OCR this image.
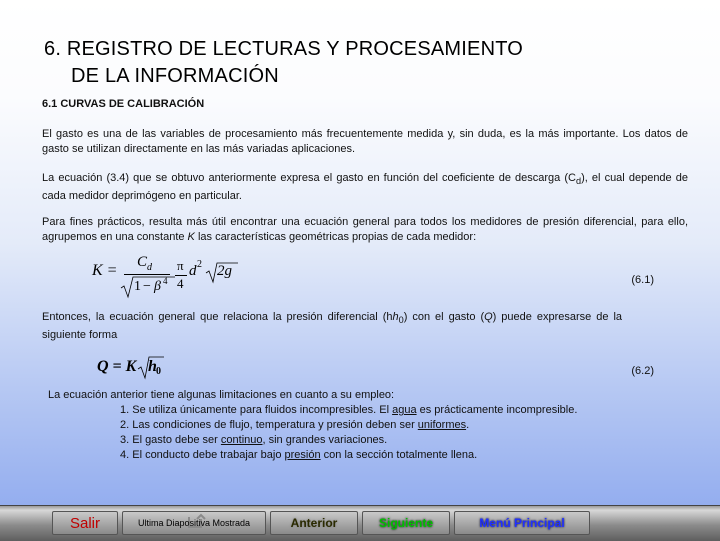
6. REGISTRO DE LECTURAS Y PROCESAMIENTO
DE LA INFORMACIÓN
6.1 CURVAS DE CALIBRACIÓN
El gasto es una de las variables de procesamiento más frecuentemente medida y, sin duda, es la más importante. Los datos de gasto se utilizan directamente en las más variadas aplicaciones.
La ecuación (3.4) que se obtuvo anteriormente expresa el gasto en función del coeficiente de descarga $(C_d)$, el cual depende de cada medidor deprimógeno en particular.
Para fines prácticos, resulta más útil encontrar una ecuación general para todos los medidores de presión diferencial, para ello, agrupemos en una constante K las características geométricas propias de cada medidor:
$K = C_d$
1 − β 4
π
4
d 2 2g
(6.1)
Entonces, la ecuación general que relaciona la presión diferencial $(hh_0)$ con el gasto (Q) puede expresarse de la siguiente forma
Q = K h 0	(6.2)
La ecuación anterior tiene algunas limitaciones en cuanto a su empleo:
1. Se utiliza únicamente para fluidos incompresibles. El agua es prácticamente incompresible.
2. Las condiciones de flujo, temperatura y presión deben ser uniformes.
3. El gasto debe ser continuo, sin grandes variaciones.
4. El conducto debe trabajar bajo presión con la sección totalmente llena.
Salir	Ultima Diapositiva Mostrada	Anterior	Siguiente	Menú Principal
